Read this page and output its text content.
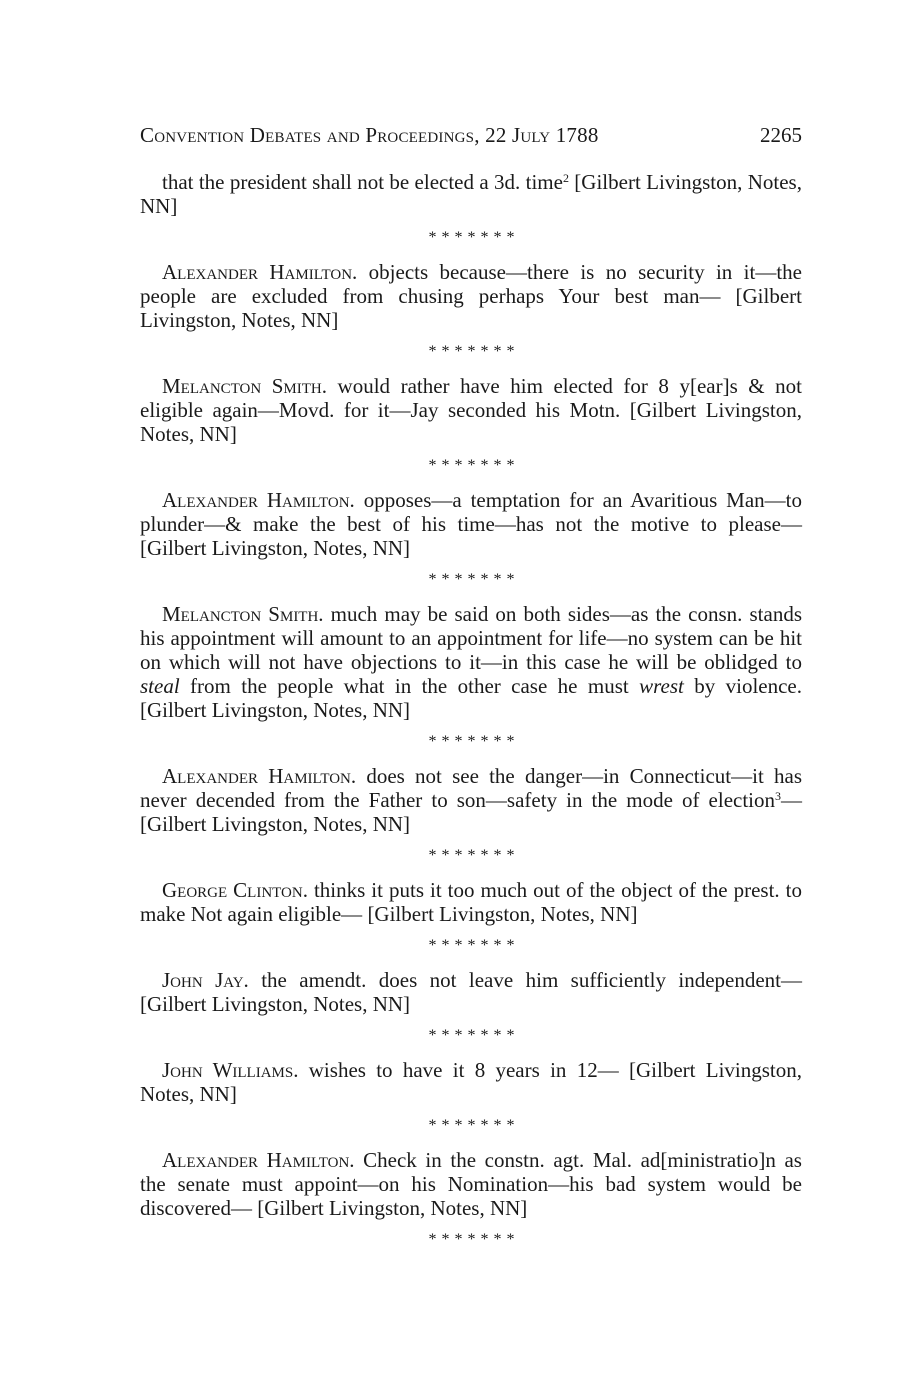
Convention Debates and Proceedings, 22 July 1788	2265

that the president shall not be elected a 3d. time$^2$ [Gilbert Livingston, Notes, NN]

*******

Alexander Hamilton. objects because—there is no security in it—the people are excluded from chusing perhaps Your best man— [Gilbert Livingston, Notes, NN]

*******

Melancton Smith. would rather have him elected for 8 y[ear]s & not eligible again—Movd. for it—Jay seconded his Motn. [Gilbert Livingston, Notes, NN]

*******

Alexander Hamilton. opposes—a temptation for an Avaritious Man—to plunder—& make the best of his time—has not the motive to please— [Gilbert Livingston, Notes, NN]

*******

Melancton Smith. much may be said on both sides—as the consn. stands his appointment will amount to an appointment for life—no system can be hit on which will not have objections to it—in this case he will be oblidged to steal from the people what in the other case he must wrest by violence. [Gilbert Livingston, Notes, NN]

*******

Alexander Hamilton. does not see the danger—in Connecticut—it has never decended from the Father to son—safety in the mode of election$^3$— [Gilbert Livingston, Notes, NN]

*******

George Clinton. thinks it puts it too much out of the object of the prest. to make Not again eligible— [Gilbert Livingston, Notes, NN]

*******

John Jay. the amendt. does not leave him sufficiently independent— [Gilbert Livingston, Notes, NN]

*******

John Williams. wishes to have it 8 years in 12— [Gilbert Livingston, Notes, NN]

*******

Alexander Hamilton. Check in the constn. agt. Mal. ad[ministratio]n as the senate must appoint—on his Nomination—his bad system would be discovered— [Gilbert Livingston, Notes, NN]

*******
